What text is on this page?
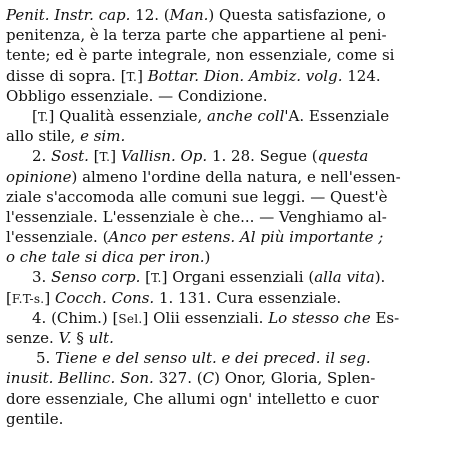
Penit. Instr. cap. 12. (Man.) Questa satisfazione, o
penitenza, è la terza parte che appartiene al peni-
tente; ed è parte integrale, non essenziale, come si
disse di sopra. [T.] Bottar. Dion. Ambiz. volg. 124.
Obbligo essenziale. — Condizione.
[T.] Qualità essenziale, anche coll'A. Essenziale
allo stile, e sim.
2. Sost. [T.] Vallisn. Op. 1. 28. Segue (questa
opinione) almeno l'ordine della natura, e nell'essen-
ziale s'accomoda alle comuni sue leggi. — Quest'è
l'essenziale. L'essenziale è che... — Venghiamo al-
l'essenziale. (Anco per estens. Al più importante ;
o che tale si dica per iron.)
3. Senso corp. [T.] Organi essenziali (alla vita).
[F.T-s.] Cocch. Cons. 1. 131. Cura essenziale.
4. (Chim.) [Sel.] Olii essenziali. Lo stesso che Es-
senze. V. § ult.
5. Tiene e del senso ult. e dei preced. il seg.
inusit. Bellinc. Son. 327. (C) Onor, Gloria, Splen-
dore essenziale, Che allumi ogn' intelletto e cuor
gentile.
